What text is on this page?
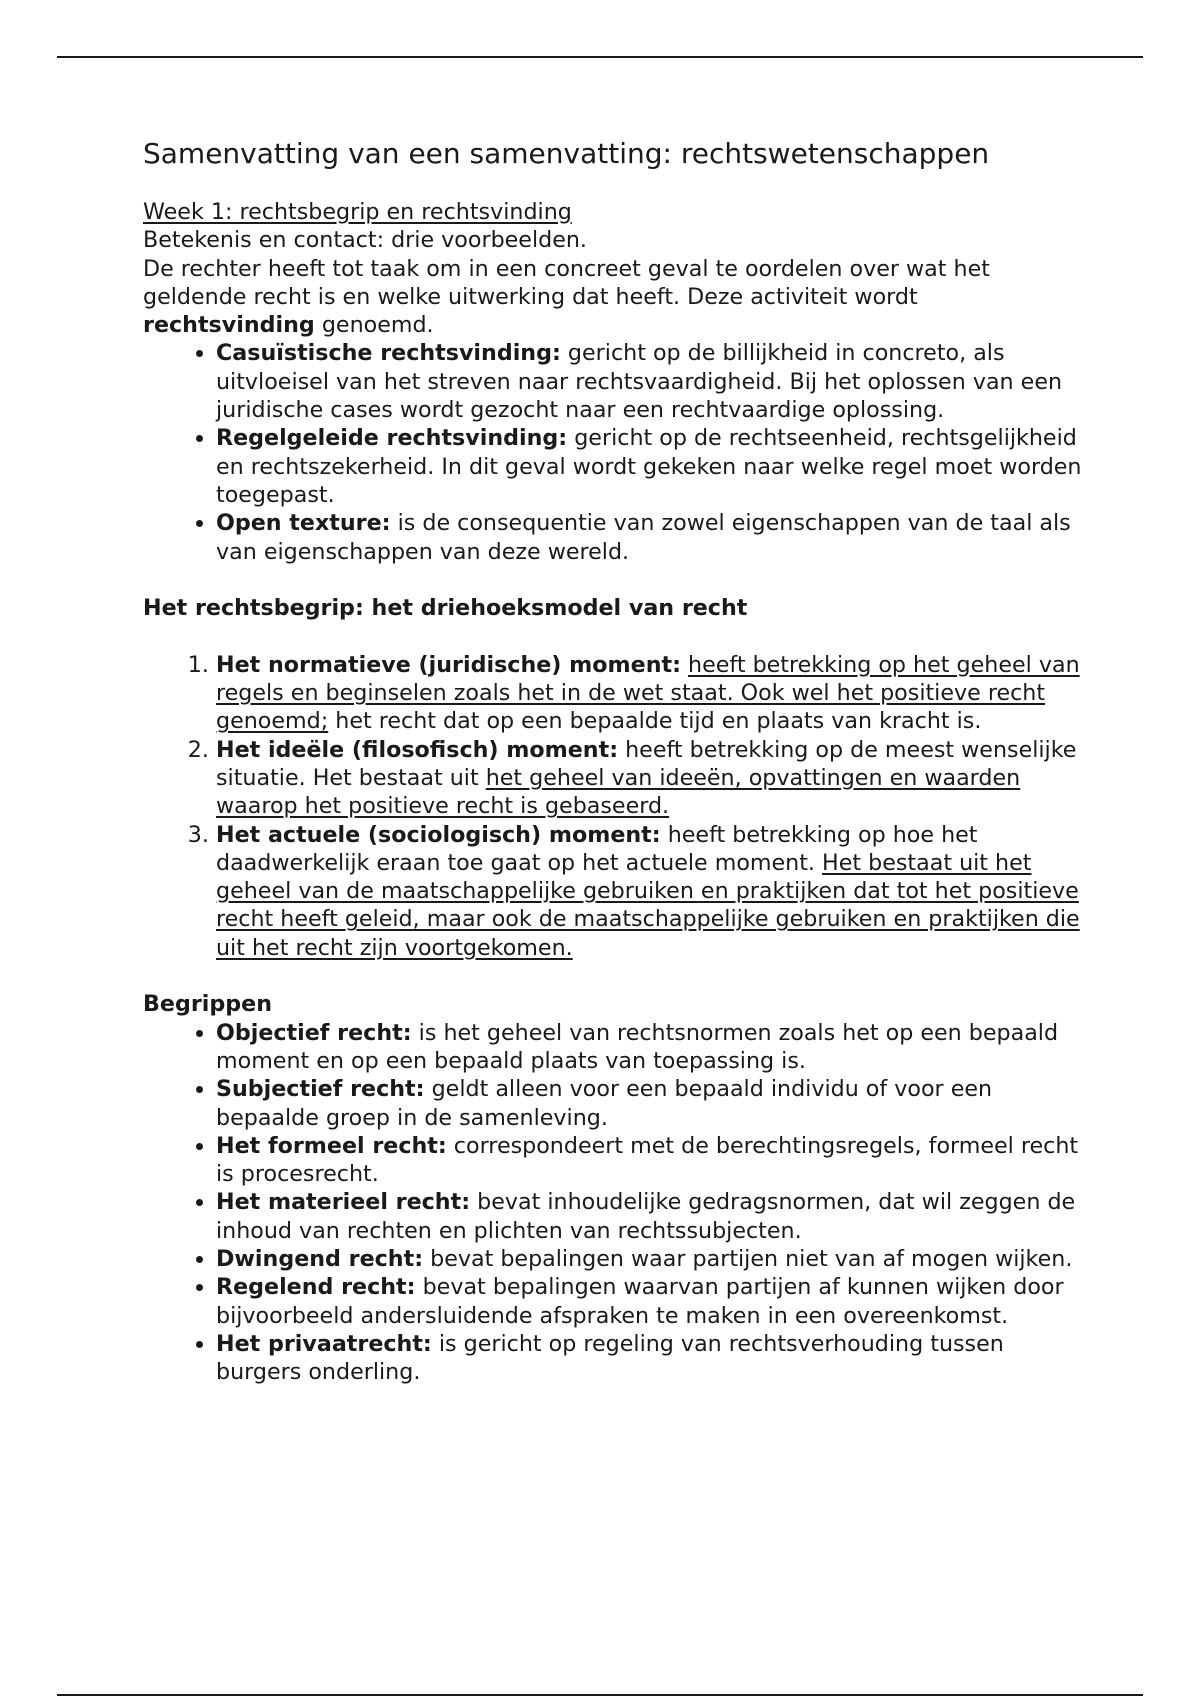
Samenvatting van een samenvatting: rechtswetenschappen

Week 1: rechtsbegrip en rechtsvinding

Betekenis en contact: drie voorbeelden.

De rechter heeft tot taak om in een concreet geval te oordelen over wat het geldende recht is en welke uitwerking dat heeft. Deze activiteit wordt rechtsvinding genoemd.

• Casuïstische rechtsvinding: gericht op de billijkheid in concreto, als uitvloeisel van het streven naar rechtsvaardigheid. Bij het oplossen van een juridische cases wordt gezocht naar een rechtvaardige oplossing.
• Regelgeleide rechtsvinding: gericht op de rechtseenheid, rechtsgelijkheid en rechtszekerheid. In dit geval wordt gekeken naar welke regel moet worden toegepast.
• Open texture: is de consequentie van zowel eigenschappen van de taal als van eigenschappen van deze wereld.

Het rechtsbegrip: het driehoeksmodel van recht

1. Het normatieve (juridische) moment: heeft betrekking op het geheel van regels en beginselen zoals het in de wet staat. Ook wel het positieve recht genoemd; het recht dat op een bepaalde tijd en plaats van kracht is.
2. Het ideële (filosofisch) moment: heeft betrekking op de meest wenselijke situatie. Het bestaat uit het geheel van ideeën, opvattingen en waarden waarop het positieve recht is gebaseerd.
3. Het actuele (sociologisch) moment: heeft betrekking op hoe het daadwerkelijk eraan toe gaat op het actuele moment. Het bestaat uit het geheel van de maatschappelijke gebruiken en praktijken dat tot het positieve recht heeft geleid, maar ook de maatschappelijke gebruiken en praktijken die uit het recht zijn voortgekomen.

Begrippen

• Objectief recht: is het geheel van rechtsnormen zoals het op een bepaald moment en op een bepaald plaats van toepassing is.
• Subjectief recht: geldt alleen voor een bepaald individu of voor een bepaalde groep in de samenleving.
• Het formeel recht: correspondeert met de berechtingsregels, formeel recht is procesrecht.
• Het materieel recht: bevat inhoudelijke gedragsnormen, dat wil zeggen de inhoud van rechten en plichten van rechtssubjecten.
• Dwingend recht: bevat bepalingen waar partijen niet van af mogen wijken.
• Regelend recht: bevat bepalingen waarvan partijen af kunnen wijken door bijvoorbeeld andersluidende afspraken te maken in een overeenkomst.
• Het privaatrecht: is gericht op regeling van rechtsverhouding tussen burgers onderling.
